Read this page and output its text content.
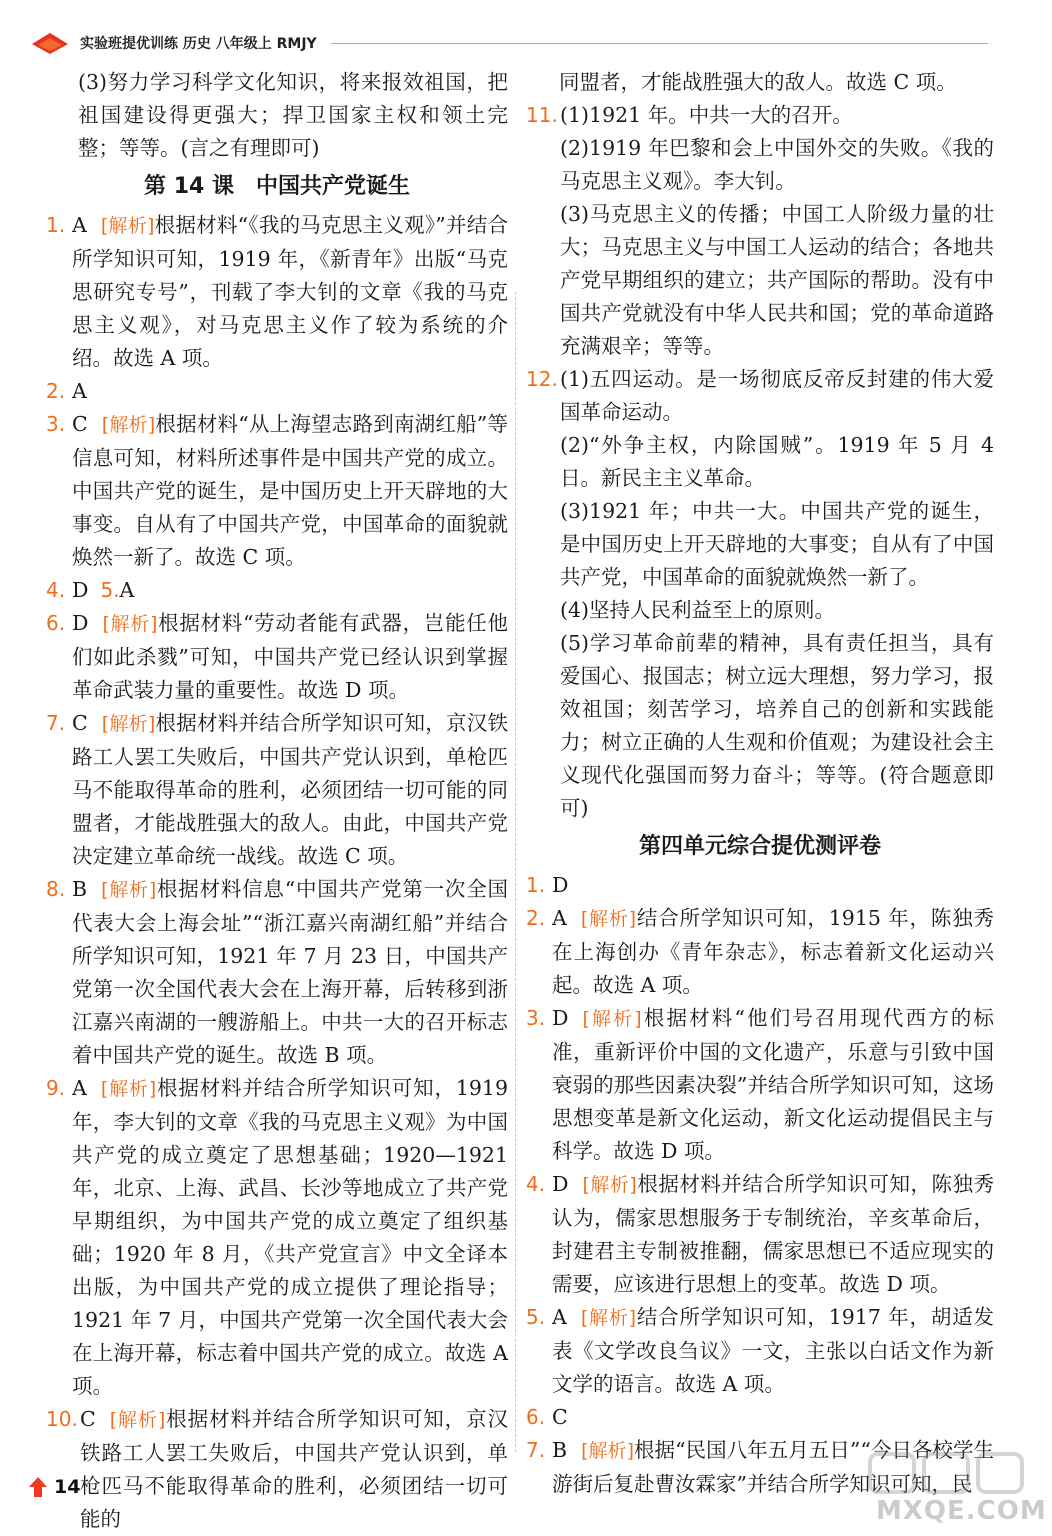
实验班提优训练 历史 八年级上 RMJY
(3)努力学习科学文化知识，将来报效祖国，把祖国建设得更强大；捍卫国家主权和领土完整；等等。(言之有理即可)
第 14 课　中国共产党诞生
1. A [解析]根据材料“《我的马克思主义观》”并结合所学知识可知，1919 年，《新青年》出版“马克思研究专号”，刊载了李大钊的文章《我的马克思主义观》，对马克思主义作了较为系统的介绍。故选 A 项。
2. A
3. C [解析]根据材料“从上海望志路到南湖红船”等信息可知，材料所述事件是中国共产党的成立。中国共产党的诞生，是中国历史上开天辟地的大事变。自从有了中国共产党，中国革命的面貌就焕然一新了。故选 C 项。
4. D 5.A
6. D [解析]根据材料“劳动者能有武器，岂能任他们如此杀戮”可知，中国共产党已经认识到掌握革命武装力量的重要性。故选 D 项。
7. C [解析]根据材料并结合所学知识可知，京汉铁路工人罢工失败后，中国共产党认识到，单枪匹马不能取得革命的胜利，必须团结一切可能的同盟者，才能战胜强大的敌人。由此，中国共产党决定建立革命统一战线。故选 C 项。
8. B [解析]根据材料信息“中国共产党第一次全国代表大会上海会址”“浙江嘉兴南湖红船”并结合所学知识可知，1921 年 7 月 23 日，中国共产党第一次全国代表大会在上海开幕，后转移到浙江嘉兴南湖的一艘游船上。中共一大的召开标志着中国共产党的诞生。故选 B 项。
9. A [解析]根据材料并结合所学知识可知，1919 年，李大钊的文章《我的马克思主义观》为中国共产党的成立奠定了思想基础；1920—1921 年，北京、上海、武昌、长沙等地成立了共产党早期组织，为中国共产党的成立奠定了组织基础；1920 年 8 月，《共产党宣言》中文全译本出版，为中国共产党的成立提供了理论指导；1921 年 7 月，中国共产党第一次全国代表大会在上海开幕，标志着中国共产党的成立。故选 A 项。
10. C [解析]根据材料并结合所学知识可知，京汉铁路工人罢工失败后，中国共产党认识到，单枪匹马不能取得革命的胜利，必须团结一切可能的
同盟者，才能战胜强大的敌人。故选 C 项。
11. (1)1921 年。中共一大的召开。
(2)1919 年巴黎和会上中国外交的失败。《我的马克思主义观》。李大钊。
(3)马克思主义的传播；中国工人阶级力量的壮大；马克思主义与中国工人运动的结合；各地共产党早期组织的建立；共产国际的帮助。没有中国共产党就没有中华人民共和国；党的革命道路充满艰辛；等等。
12. (1)五四运动。是一场彻底反帝反封建的伟大爱国革命运动。
(2)“外争主权，内除国贼”。1919 年 5 月 4 日。新民主主义革命。
(3)1921 年；中共一大。中国共产党的诞生，是中国历史上开天辟地的大事变；自从有了中国共产党，中国革命的面貌就焕然一新了。
(4)坚持人民利益至上的原则。
(5)学习革命前辈的精神，具有责任担当，具有爱国心、报国志；树立远大理想，努力学习，报效祖国；刻苦学习，培养自己的创新和实践能力；树立正确的人生观和价值观；为建设社会主义现代化强国而努力奋斗；等等。(符合题意即可)
第四单元综合提优测评卷
1. D
2. A [解析]结合所学知识可知，1915 年，陈独秀在上海创办《青年杂志》，标志着新文化运动兴起。故选 A 项。
3. D [解析]根据材料“他们号召用现代西方的标准，重新评价中国的文化遗产，乐意与引致中国衰弱的那些因素决裂”并结合所学知识可知，这场思想变革是新文化运动，新文化运动提倡民主与科学。故选 D 项。
4. D [解析]根据材料并结合所学知识可知，陈独秀认为，儒家思想服务于专制统治，辛亥革命后，封建君主专制被推翻，儒家思想已不适应现实的需要，应该进行思想上的变革。故选 D 项。
5. A [解析]结合所学知识可知，1917 年，胡适发表《文学改良刍议》一文，主张以白话文作为新文学的语言。故选 A 项。
6. C
7. B [解析]根据“民国八年五月五日”“今日各校学生游街后复赴曹汝霖家”并结合所学知识可知，民
14
MXQE.COM
